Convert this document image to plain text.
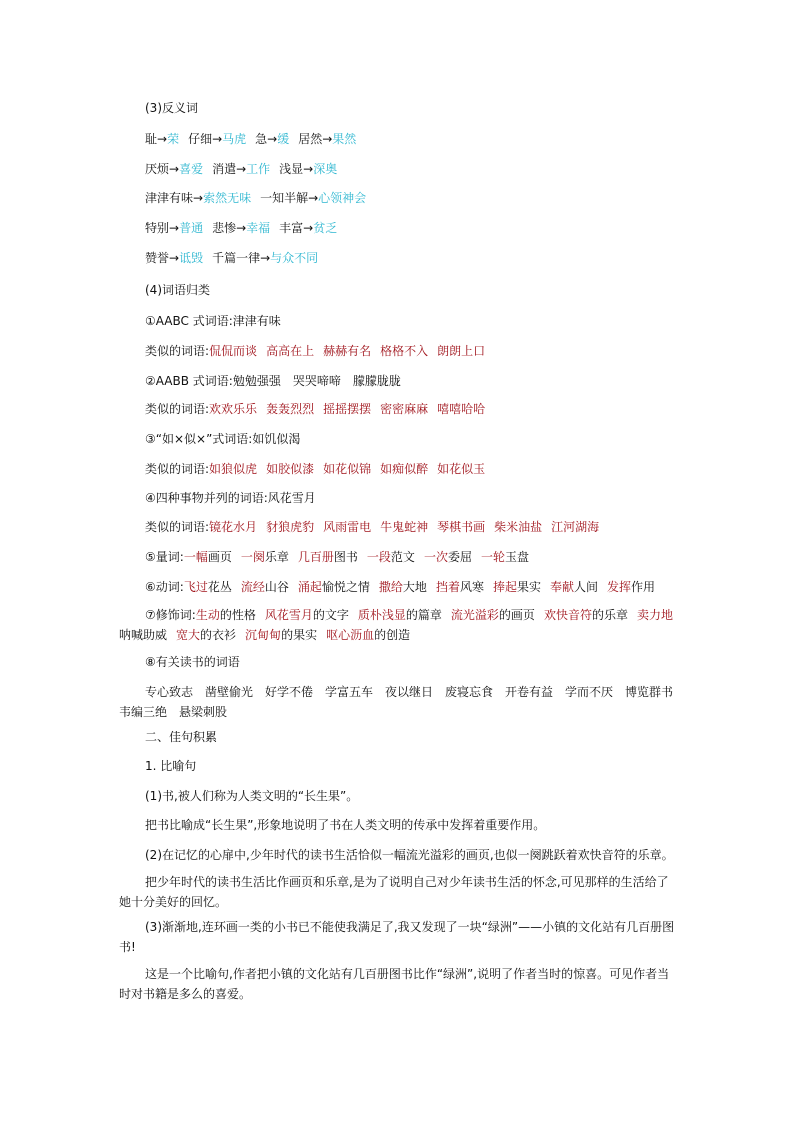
(3)反义词
耻→荣 仔细→马虎 急→缓 居然→果然
厌烦→喜爱 消遣→工作 浅显→深奥
津津有味→索然无味 一知半解→心领神会
特别→普通 悲惨→幸福 丰富→贫乏
赞誉→诋毁 千篇一律→与众不同
(4)词语归类
①AABC 式词语:津津有味
类似的词语:侃侃而谈 高高在上 赫赫有名 格格不入 朗朗上口
②AABB 式词语:勉勉强强　哭哭啼啼　朦朦胧胧
类似的词语:欢欢乐乐 轰轰烈烈 摇摇摆摆 密密麻麻 嘻嘻哈哈
③“如×似×”式词语:如饥似渴
类似的词语:如狼似虎 如胶似漆 如花似锦 如痴似醉 如花似玉
④四种事物并列的词语:风花雪月
类似的词语:镜花水月 豺狼虎豹 风雨雷电 牛鬼蛇神 琴棋书画 柴米油盐 江河湖海
⑤量词:一幅画页 一阕乐章 几百册图书 一段范文 一次委屈 一轮玉盘
⑥动词:飞过花丛 流经山谷 涌起愉悦之情 撒给大地 挡着风寒 捧起果实 奉献人间 发挥作用
⑦修饰词:生动的性格 风花雪月的文字 质朴浅显的篇章 流光溢彩的画页 欢快音符的乐章 卖力地呐喊助威 宽大的衣衫 沉甸甸的果实 呕心沥血的创造
⑧有关读书的词语
专心致志　凿壁偷光　好学不倦　学富五车　夜以继日　废寝忘食　开卷有益　学而不厌　博览群书　韦编三绝　悬梁刺股
二、佳句积累
1. 比喻句
(1)书,被人们称为人类文明的“长生果”。
把书比喻成“长生果”,形象地说明了书在人类文明的传承中发挥着重要作用。
(2)在记忆的心扉中,少年时代的读书生活恰似一幅流光溢彩的画页,也似一阕跳跃着欢快音符的乐章。
把少年时代的读书生活比作画页和乐章,是为了说明自己对少年读书生活的怀念,可见那样的生活给了她十分美好的回忆。
(3)渐渐地,连环画一类的小书已不能使我满足了,我又发现了一块“绿洲”——小镇的文化站有几百册图书!
这是一个比喻句,作者把小镇的文化站有几百册图书比作“绿洲”,说明了作者当时的惊喜。可见作者当时对书籍是多么的喜爱。
